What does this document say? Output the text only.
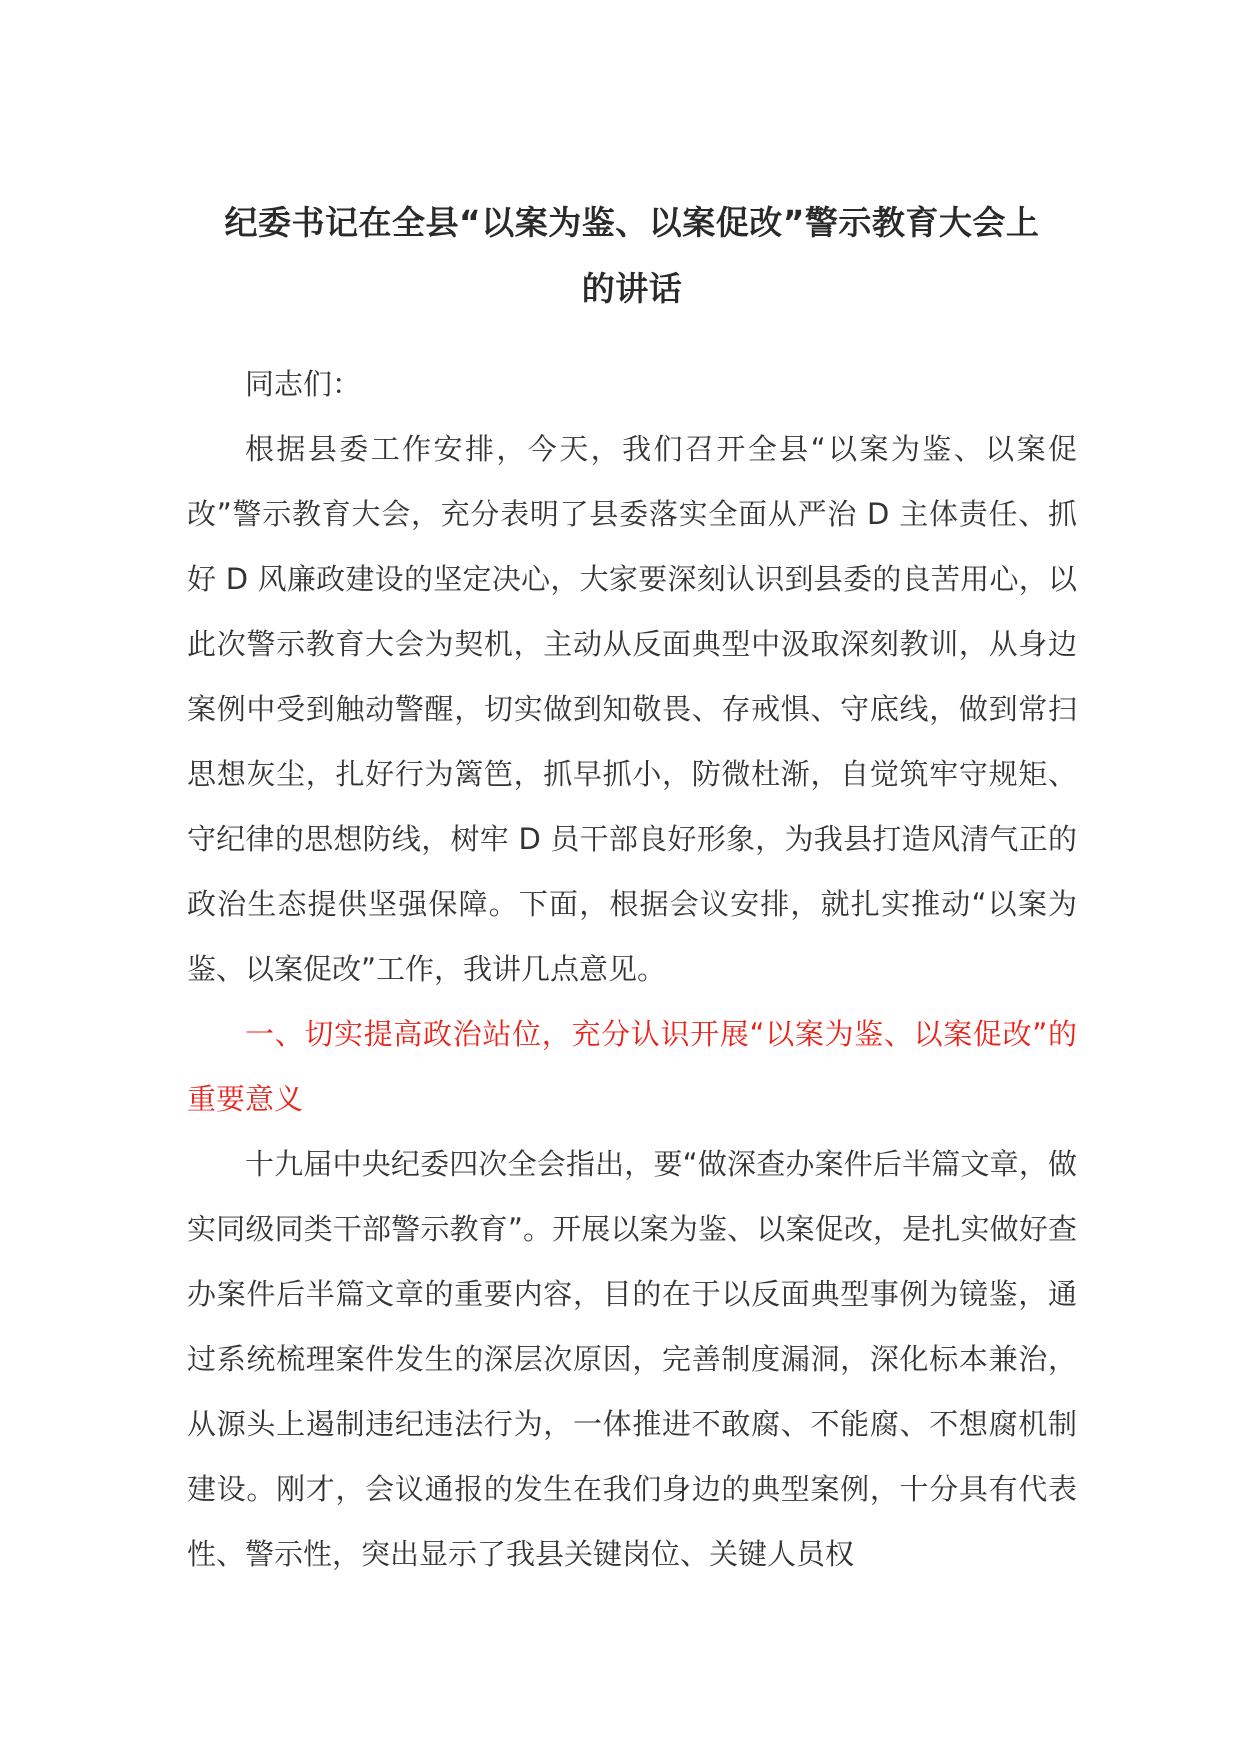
纪委书记在全县“以案为鉴、以案促改”警示教育大会上
的讲话

同志们：

根据县委工作安排，今天，我们召开全县“以案为鉴、以案促改”警示教育大会，充分表明了县委落实全面从严治 D 主体责任、抓好 D 风廉政建设的坚定决心，大家要深刻认识到县委的良苦用心，以此次警示教育大会为契机，主动从反面典型中汲取深刻教训，从身边案例中受到触动警醒，切实做到知敬畏、存戒惧、守底线，做到常扫思想灰尘，扎好行为篱笆，抓早抓小，防微杜渐，自觉筑牢守规矩、守纪律的思想防线，树牢 D 员干部良好形象，为我县打造风清气正的政治生态提供坚强保障。下面，根据会议安排，就扎实推动“以案为鉴、以案促改”工作，我讲几点意见。

一、切实提高政治站位，充分认识开展“以案为鉴、以案促改”的重要意义

十九届中央纪委四次全会指出，要“做深查办案件后半篇文章，做实同级同类干部警示教育”。开展以案为鉴、以案促改，是扎实做好查办案件后半篇文章的重要内容，目的在于以反面典型事例为镜鉴，通过系统梳理案件发生的深层次原因，完善制度漏洞，深化标本兼治，从源头上遏制违纪违法行为，一体推进不敢腐、不能腐、不想腐机制建设。刚才，会议通报的发生在我们身边的典型案例，十分具有代表性、警示性，突出显示了我县关键岗位、关键人员权
